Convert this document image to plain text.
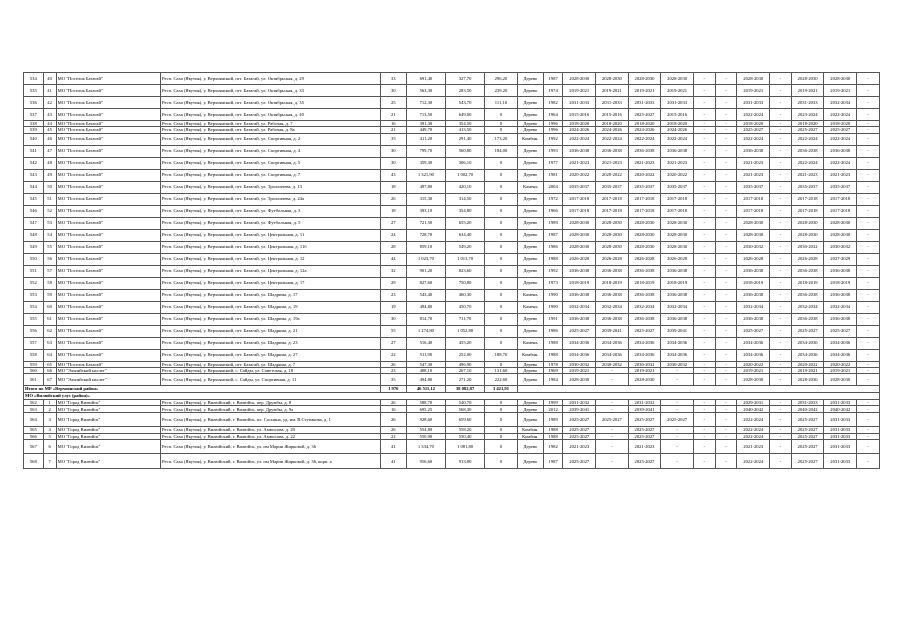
534	40	МО "Поселок Батагай"	Респ. Саха (Якутия), у. Верхоянский, пгт. Батагай, ул. Октябрьская, д. 29	33	691,40	327,70	296,20	Дерево	1987	2028-2030	2028-2030	2028-2030	2028-2030	-	-	2028-2030	-	2028-2030	2028-2030	-
535	41	МО "Поселок Батагай"	Респ. Саха (Якутия), у. Верхоянский, пгт. Батагай, ул. Октябрьская, д. 33	30	563,30	283,50	239,20	Дерево	1974	2019-2021	2019-2021	2019-2021	2019-2021	-	-	2019-2021	-	2019-2021	2019-2021	-
536	42	МО "Поселок Батагай"	Респ. Саха (Якутия), у. Верхоянский, пгт. Батагай, ул. Октябрьская, д. 35	25	712,30	543,70	111,10	Дерево	1982	2031-2033	2031-2033	2031-2033	2031-2033	-	-	2031-2033	-	2031-2033	2032-2034	-
537	43	МО "Поселок Батагай"	Респ. Саха (Якутия), у. Верхоянский, пгт. Батагай, ул. Октябрьская, д. 40	21	713,50	649,00	0	Дерево	1964	2015-2016	2015-2016	2025-2027	2015-2016	-	-	2022-2024	-	2023-2024	2022-2024	-
538	44	МО "Поселок Батагай"	Респ. Саха (Якутия), у. Верхоянский, пгт. Батагай, ул. Рабочая, д. 7	16	391,30	354,50	0	Дерево	1996	2018-2020	2018-2020	2018-2020	2018-2020	-	-	2018-2020	-	2018-2020	2018-2020	-
539	45	МО "Поселок Батагай"	Респ. Саха (Якутия), у. Верхоянский, пгт. Батагай, ул. Рабочая, д. 8а	21	449,70	413,50	0	Дерево	1996	2024-2026	2024-2026	2024-2026	2024-2026	-	-	2025-2027	-	2025-2027	2025-2027	-
540	46	МО "Поселок Батагай"	Респ. Саха (Якутия), у. Верхоянский, пгт. Батагай, ул. Спортивная, д. 2	35	411,20	291,40	173,20	Комбин.	1992	2022-2024	2022-2024	2022-2024	2022-2024	-	-	2022-2024	-	2022-2024	2022-2024	-
541	47	МО "Поселок Батагай"	Респ. Саха (Якутия), у. Верхоянский, пгт. Батагай, ул. Спортивная, д. 4	30	799,70	560,80	184,00	Дерево	1993	2036-2038	2036-2038	2036-2038	2036-2038	-	-	2036-2038	-	2036-2038	2036-2038	-
542	48	МО "Поселок Батагай"	Респ. Саха (Якутия), у. Верхоянский, пгт. Батагай, ул. Спортивная, д. 5	30	359,30	306,10	0	Дерево	1977	2021-2023	2021-2023	2021-2023	2021-2023	-	-	2021-2023	-	2022-2024	2022-2024	-
543	49	МО "Поселок Батагай"	Респ. Саха (Якутия), у. Верхоянский, пгт. Батагай, ул. Спортивная, д. 7	43	1 321,90	1 002,70	0	Дерево	1981	2020-2022	2020-2022	2020-2022	2020-2022	-	-	2021-2023	-	2021-2023	2021-2023	-
544	50	МО "Поселок Батагай"	Респ. Саха (Якутия), у. Верхоянский, пгт. Батагай, ул. Тролличева, д. 13	18	497,80	420,10	0	Камень	2004	2035-2037	2035-2037	2035-2037	2035-2037	-	-	2035-2037	-	2035-2037	2035-2037	-
545	51	МО "Поселок Батагай"	Респ. Саха (Якутия), у. Верхоянский, пгт. Батагай, ул. Тролличева, д. 24а	26	315,30	314,50	0	Дерево	1972	2017-2018	2017-2018	2017-2018	2017-2018	-	-	2017-2018	-	2017-2018	2017-2018	-
546	52	МО "Поселок Батагай"	Респ. Саха (Якутия), у. Верхоянский, пгт. Батагай, ул. Футбольная, д. 3	18	393,10	354,80	0	Дерево	1966	2017-2018	2017-2018	2017-2018	2017-2018	-	-	2017-2018	-	2017-2018	2017-2018	-
547	53	МО "Поселок Батагай"	Респ. Саха (Якутия), у. Верхоянский, пгт. Батагай, ул. Футбольная, д. 5	27	721,50	655,20	0	Дерево	1989	2028-2030	2028-2030	2028-2030	2028-2030	-	-	2028-2030	-	2028-2030	2028-2030	-
548	54	МО "Поселок Батагай"	Респ. Саха (Якутия), у. Верхоянский, пгт. Батагай, ул. Центральная, д. 11	24	728,70	634,40	0	Дерево	1987	2028-2030	2028-2030	2028-2030	2028-2030	-	-	2028-2030	-	2028-2030	2028-2030	-
549	55	МО "Поселок Батагай"	Респ. Саха (Якутия), у. Верхоянский, пгт. Батагай, ул. Центральная, д. 11б	28	859,10	549,20	0	Дерево	1986	2028-2030	2028-2030	2028-2030	2028-2030	-	-	2030-2032	-	2030-2032	2030-2032	-
550	56	МО "Поселок Батагай"	Респ. Саха (Якутия), у. Верхоянский, пгт. Батагай, ул. Центральная, д. 12	44	1 023,70	1 013,70	0	Дерево	1988	2026-2028	2026-2028	2026-2028	2026-2028	-	-	2026-2028	-	2026-2028	2027-2029	-
551	57	МО "Поселок Батагай"	Респ. Саха (Якутия), у. Верхоянский, пгт. Батагай, ул. Центральная, д. 12а	32	901,20	823,60	0	Дерево	1992	2036-2038	2036-2038	2036-2038	2036-2038	-	-	2036-2038	-	2036-2038	2036-2038	-
552	58	МО "Поселок Батагай"	Респ. Саха (Якутия), у. Верхоянский, пгт. Батагай, ул. Центральная, д. 17	29	827,60	750,80	0	Дерево	1973	2018-2019	2018-2019	2018-2019	2018-2019	-	-	2018-2019	-	2018-2019	2018-2019	-
553	59	МО "Поселок Батагай"	Респ. Саха (Якутия), у. Верхоянский, пгт. Батагай, ул. Шадрина, д. 17	23	543,40	460,30	0	Камень	1990	2036-2038	2036-2038	2036-2038	2036-2038	-	-	2036-2038	-	2036-2038	2036-2038	-
554	60	МО "Поселок Батагай"	Респ. Саха (Якутия), у. Верхоянский, пгт. Батагай, ул. Шадрина, д. 19	19	494,80	450,70	0	Камень	1990	2032-2034	2032-2034	2032-2034	2032-2034	-	-	2032-2034	-	2032-2034	2032-2034	-
555	61	МО "Поселок Батагай"	Респ. Саха (Якутия), у. Верхоянский, пгт. Батагай, ул. Шадрина, д. 19а	30	814,70	711,70	0	Дерево	1991	2036-2038	2036-2038	2036-2038	2036-2038	-	-	2036-2038	-	2036-2038	2036-2038	-
556	62	МО "Поселок Батагай"	Респ. Саха (Якутия), у. Верхоянский, пгт. Батагай, ул. Шадрина, д. 21	55	1 274,80	1 052,80	0	Дерево	1986	2025-2027	2039-2041	2025-2027	2039-2041	-	-	2025-2027	-	2025-2027	2025-2027	-
557	63	МО "Поселок Батагай"	Респ. Саха (Якутия), у. Верхоянский, пгт. Батагай, ул. Шадрина, д. 23	27	516,40	455,20	0	Камень	1988	2034-2036	2034-2036	2034-2036	2034-2036	-	-	2034-2036	-	2034-2036	2034-2036	-
558	64	МО "Поселок Батагай"	Респ. Саха (Якутия), у. Верхоянский, пгт. Батагай, ул. Шадрина, д. 27	22	511,90	252,00	188,70	Комбин.	1988	2034-2036	2034-2036	2034-2036	2034-2036	-	-	2034-2036	-	2034-2036	2034-2036	-
559	65	МО "Поселок Батагай"	Респ. Саха (Якутия), у. Верхоянский, пгт. Батагай, ул. Шадрина, д. 7	26	547,30	496,90	0	Дерево	1978	2030-2032	2030-2032	2030-2032	2030-2032	-	-	2020-2022	-	2020-2022	2020-2022	-
560	66	МО "Эльгяйский наслег"	Респ. Саха (Якутия), у. Верхоянский, с. Сайды, ул. Советская, д. 18	23	408,10	267,10	131,60	Дерево	1969	2019-2021	-	2019-2021	-	-	-	2019-2021	-	2019-2021	2019-2021	-
561	67	МО "Эльгяйский наслег"	Респ. Саха (Якутия), у. Верхоянский, с. Сайды, ул. Спортивная, д. 11	35	494,80	271,20	222,60	Дерево	1984	2028-2030	-	2028-2030	-	-	-	2028-2030	-	2028-2030	2028-2030	-
Итого по МР «Верхоянский район»				1 976	46 511,12	38 082,87	3 421,91													
МО «Вилюйский улус (район)»																				
562	1	МО "Город Вилюйск"	Респ. Саха (Якутия), у. Вилюйский, г. Вилюйск, пер. Дружбы, д. 8	26	588,70	540,70	0	Дерево	1999	2031-2032	-	2031-2032	-	-	-	2029-2031	-	2031-2033	2031-2033	-
563	2	МО "Город Вилюйск"	Респ. Саха (Якутия), у. Вилюйский, г. Вилюйск, пер. Дружбы, д. 9а	16	695,25	568,30	0	Дерево	2012	2039-2041	-	2039-2041	-	-	-	2040-2042	-	2040-2042	2040-2042	-
564	3	МО "Город Вилюйск"	Респ. Саха (Якутия), у. Вилюйский, г. Вилюйск, пл. Соснина, уд. им. В.Ступакова, д. 1	26	928,60	659,60	0	Дерево	1989	2025-2027	2025-2027	2025-2027	2025-2027	-	-	2022-2024	-	2025-2027	2031-2033	-
565	4	МО "Город Вилюйск"	Респ. Саха (Якутия), у. Вилюйский, г. Вилюйск, ул. Аммосова, д. 20	26	554,80	558,20	0	Комбин.	1988	2025-2027	-	2025-2027	-	-	-	2022-2024	-	2025-2027	2031-2033	-
566	5	МО "Город Вилюйск"	Респ. Саха (Якутия), у. Вилюйский, г. Вилюйск, ул. Аммосова, д. 22	22	550,90	550,40	0	Комбин.	1988	2025-2027	-	2025-2027	-	-	-	2022-2024	-	2025-2027	2031-2033	-
567	6	МО "Город Вилюйск"	Респ. Саха (Якутия), у. Вилюйский, г. Вилюйск, ул. им Марии Жирковой, д. 36	41	1 334,70	1 081,80	0	Дерево	1982	2021-2023	-	2021-2023	-	-	-	2021-2023	-	2025-2027	2031-2033	-
568	7	МО "Город Вилюйск"	Респ. Саха (Якутия), у. Вилюйский, г. Вилюйск, ул. им Марии Жирковой, д. 36, корп. а	41	956,60	913,00	0	Дерево	1987	2025-2027	-	2025-2027	-	-	-	2022-2024	-	2025-2027	2031-2033	-
